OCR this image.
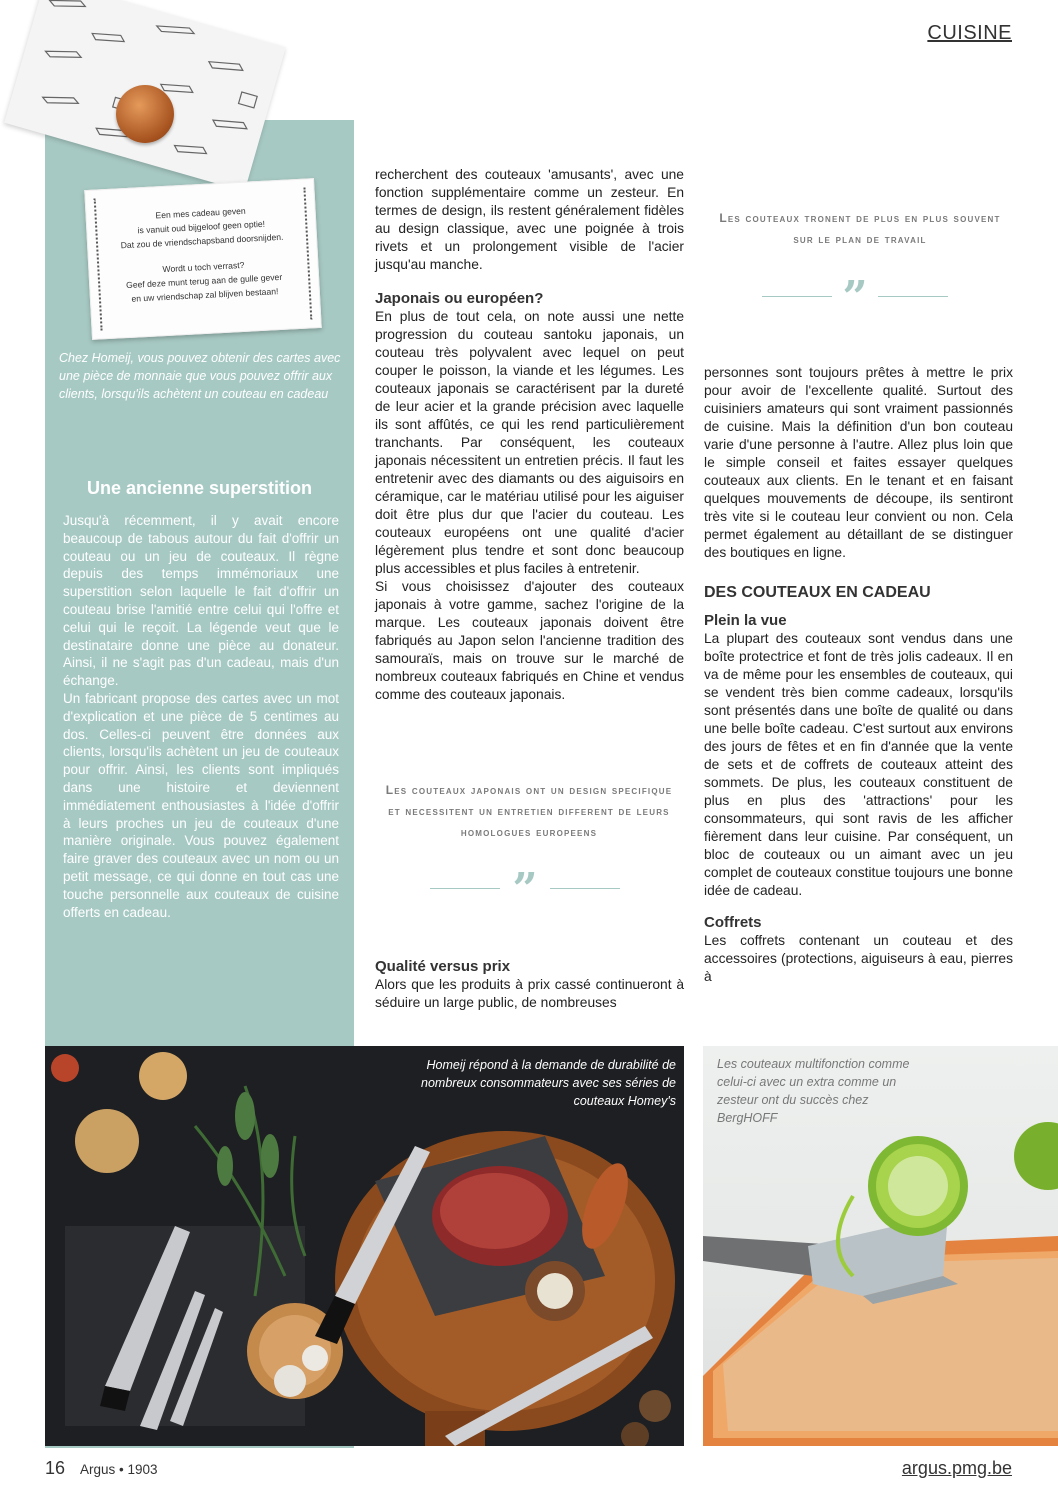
CUISINE

Een mes cadeau geven

is vanuit oud bijgeloof geen optie!

Dat zou de vriendschapsband doorsnijden.

Wordt u toch verrast?

Geef deze munt terug aan de gulle gever

en uw vriendschap zal blijven bestaan!

Chez Homeij, vous pouvez obtenir des cartes avec une pièce de monnaie que vous pouvez offrir aux clients, lorsqu'ils achètent un couteau en cadeau
Une ancienne superstition

Jusqu'à récemment, il y avait encore beaucoup de tabous autour du fait d'offrir un couteau ou un jeu de couteaux. Il règne depuis des temps immémoriaux une superstition selon laquelle le fait d'offrir un couteau brise l'amitié entre celui qui l'offre et celui qui le reçoit. La légende veut que le destinataire donne une pièce au donateur. Ainsi, il ne s'agit pas d'un cadeau, mais d'un échange.

Un fabricant propose des cartes avec un mot d'explication et une pièce de 5 centimes au dos. Celles-ci peuvent être données aux clients, lorsqu'ils achètent un jeu de couteaux pour offrir. Ainsi, les clients sont impliqués dans une histoire et deviennent immédiatement enthousiastes à l'idée d'offrir à leurs proches un jeu de couteaux d'une manière originale. Vous pouvez également faire graver des couteaux avec un nom ou un petit message, ce qui donne en tout cas une touche personnelle aux couteaux de cuisine offerts en cadeau.

recherchent des couteaux 'amusants', avec une fonction supplémentaire comme un zesteur. En termes de design, ils restent généralement fidèles au design classique, avec une poignée à trois rivets et un prolongement visible de l'acier jusqu'au manche.

Japonais ou européen?

En plus de tout cela, on note aussi une nette progression du couteau santoku japonais, un couteau très polyvalent avec lequel on peut couper le poisson, la viande et les légumes. Les couteaux japonais se caractérisent par la dureté de leur acier et la grande précision avec laquelle ils sont affûtés, ce qui les rend particulièrement tranchants. Par conséquent, les couteaux japonais nécessitent un entretien précis. Il faut les entretenir avec des diamants ou des aiguisoirs en céramique, car le matériau utilisé pour les aiguiser doit être plus dur que l'acier du couteau. Les couteaux européens ont une qualité d'acier légèrement plus tendre et sont donc beaucoup plus accessibles et plus faciles à entretenir.

Si vous choisissez d'ajouter des couteaux japonais à votre gamme, sachez l'origine de la marque. Les couteaux japonais doivent être fabriqués au Japon selon l'ancienne tradition des samouraïs, mais on trouve sur le marché de nombreux couteaux fabriqués en Chine et vendus comme des couteaux japonais.

Les couteaux japonais ont un design specifique et necessitent un entretien different de leurs homologues europeens
”
Qualité versus prix

Alors que les produits à prix cassé continueront à séduire un large public, de nombreuses

Les couteaux tronent de plus en plus souvent sur le plan de travail
”

personnes sont toujours prêtes à mettre le prix pour avoir de l'excellente qualité. Surtout des cuisiniers amateurs qui sont vraiment passionnés de cuisine. Mais la définition d'un bon couteau varie d'une personne à l'autre. Allez plus loin que le simple conseil et faites essayer quelques couteaux aux clients. En le tenant et en faisant quelques mouvements de découpe, ils sentiront très vite si le couteau leur convient ou non. Cela permet également au détaillant de se distinguer des boutiques en ligne.

DES COUTEAUX EN CADEAU
Plein la vue

La plupart des couteaux sont vendus dans une boîte protectrice et font de très jolis cadeaux. Il en va de même pour les ensembles de couteaux, qui se vendent très bien comme cadeaux, lorsqu'ils sont présentés dans une boîte de qualité ou dans une belle boîte cadeau. C'est surtout aux environs des jours de fêtes et en fin d'année que la vente de sets et de coffrets de couteaux atteint des sommets. De plus, les couteaux constituent de plus en plus des 'attractions' pour les consommateurs, qui sont ravis de les afficher fièrement dans leur cuisine. Par conséquent, un bloc de couteaux ou un aimant avec un jeu complet de couteaux constitue toujours une bonne idée de cadeau.

Coffrets

Les coffrets contenant un couteau et des accessoires (protections, aiguiseurs à eau, pierres à

Homeij répond à la demande de durabilité de nombreux consommateurs avec ses séries de couteaux Homey's
Les couteaux multifonction comme celui-ci avec un extra comme un zesteur ont du succès chez BergHOFF
16 Argus • 1903	argus.pmg.be
